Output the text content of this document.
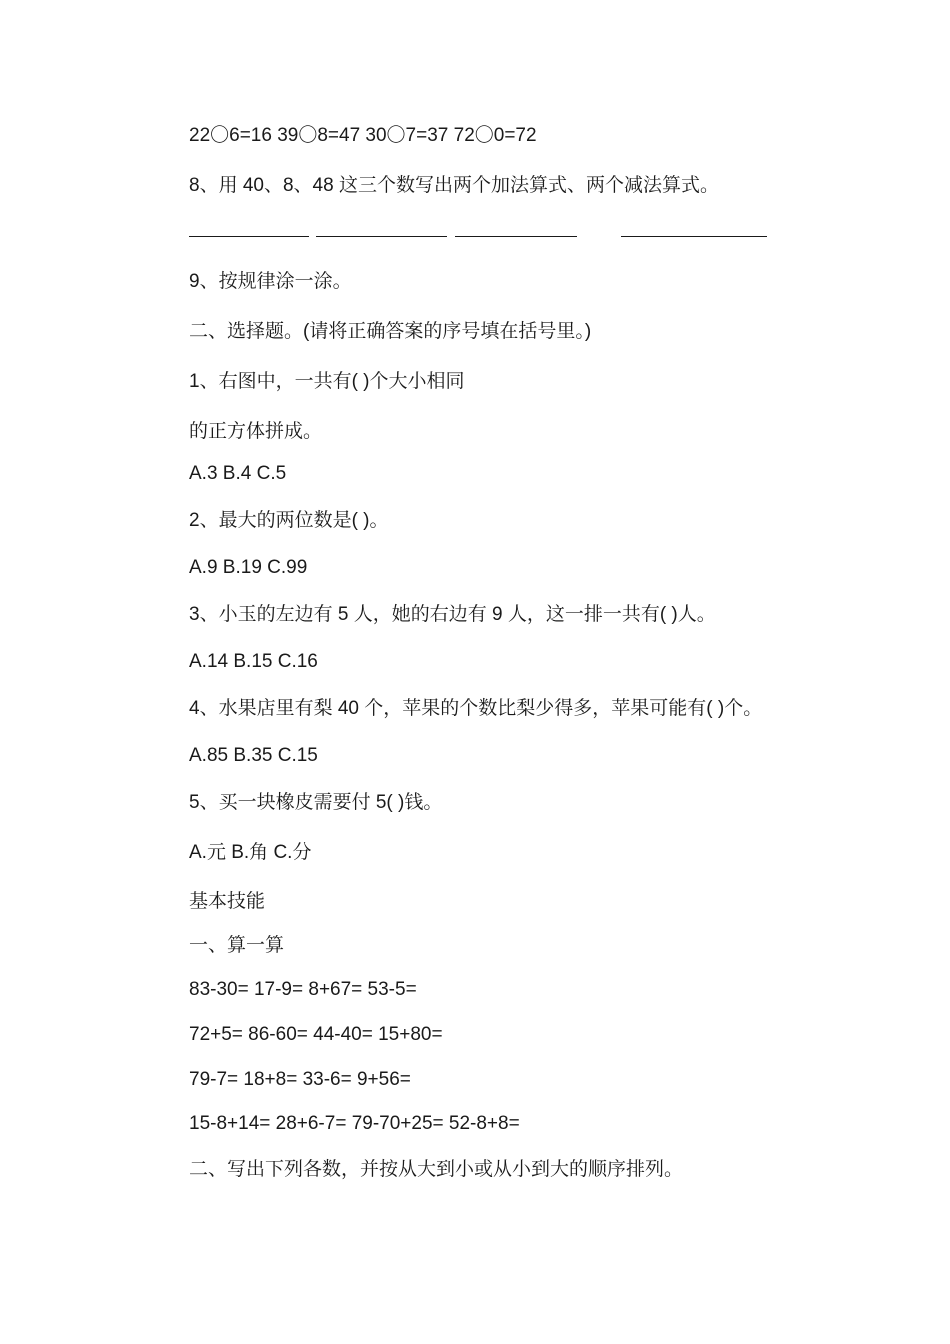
22〇6=16 39〇8=47 30〇7=37 72〇0=72
8、用 40、8、48 这三个数写出两个加法算式、两个减法算式。
9、按规律涂一涂。
二、选择题。(请将正确答案的序号填在括号里。)
1、右图中，一共有( )个大小相同
的正方体拼成。
A.3 B.4 C.5
2、最大的两位数是( )。
A.9 B.19 C.99
3、小玉的左边有 5 人，她的右边有 9 人，这一排一共有( )人。
A.14 B.15 C.16
4、水果店里有梨 40 个，苹果的个数比梨少得多，苹果可能有( )个。
A.85 B.35 C.15
5、买一块橡皮需要付 5( )钱。
A.元 B.角 C.分
基本技能
一、算一算
83-30= 17-9= 8+67= 53-5=
72+5= 86-60= 44-40= 15+80=
79-7= 18+8= 33-6= 9+56=
15-8+14= 28+6-7= 79-70+25= 52-8+8=
二、写出下列各数，并按从大到小或从小到大的顺序排列。
